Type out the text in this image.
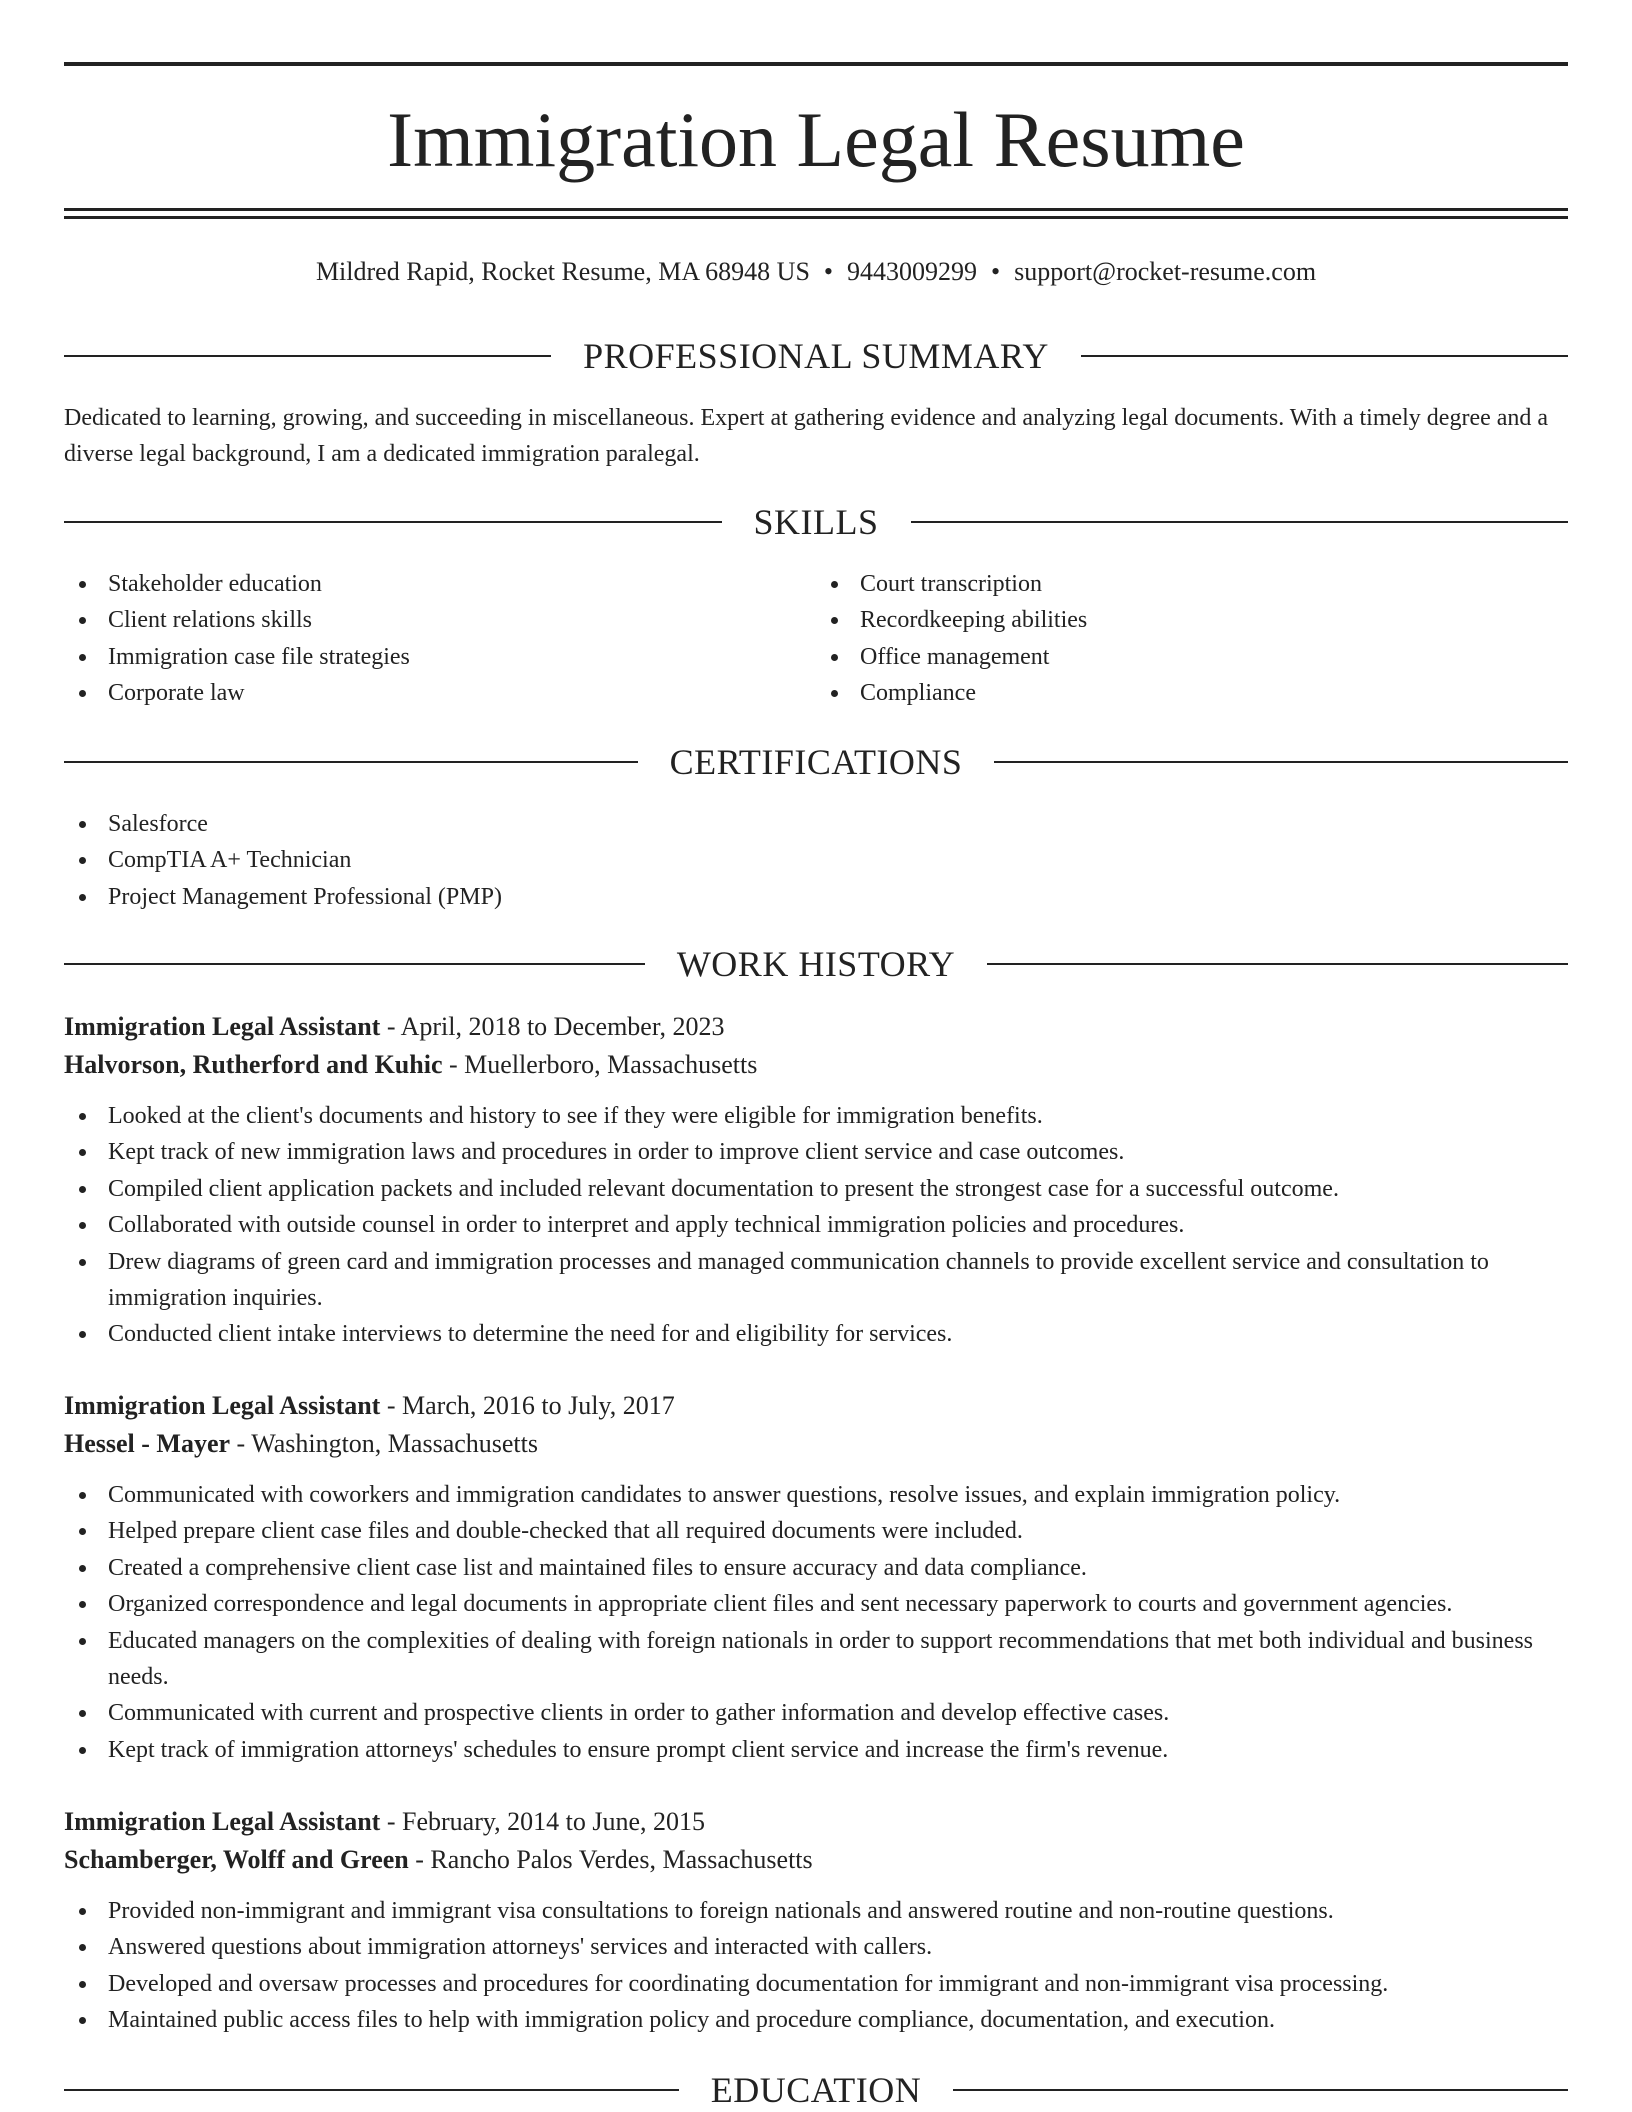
Immigration Legal Resume
Mildred Rapid, Rocket Resume, MA 68948 US • 9443009299 • support@rocket-resume.com
PROFESSIONAL SUMMARY

Dedicated to learning, growing, and succeeding in miscellaneous. Expert at gathering evidence and analyzing legal documents. With a timely degree and a diverse legal background, I am a dedicated immigration paralegal.

SKILLS
Stakeholder education
Client relations skills
Immigration case file strategies
Corporate law
Court transcription
Recordkeeping abilities
Office management
Compliance
CERTIFICATIONS
Salesforce
CompTIA A+ Technician
Project Management Professional (PMP)
WORK HISTORY
Immigration Legal Assistant - April, 2018 to December, 2023
Halvorson, Rutherford and Kuhic - Muellerboro, Massachusetts
Looked at the client's documents and history to see if they were eligible for immigration benefits.
Kept track of new immigration laws and procedures in order to improve client service and case outcomes.
Compiled client application packets and included relevant documentation to present the strongest case for a successful outcome.
Collaborated with outside counsel in order to interpret and apply technical immigration policies and procedures.
Drew diagrams of green card and immigration processes and managed communication channels to provide excellent service and consultation to immigration inquiries.
Conducted client intake interviews to determine the need for and eligibility for services.
Immigration Legal Assistant - March, 2016 to July, 2017
Hessel - Mayer - Washington, Massachusetts
Communicated with coworkers and immigration candidates to answer questions, resolve issues, and explain immigration policy.
Helped prepare client case files and double-checked that all required documents were included.
Created a comprehensive client case list and maintained files to ensure accuracy and data compliance.
Organized correspondence and legal documents in appropriate client files and sent necessary paperwork to courts and government agencies.
Educated managers on the complexities of dealing with foreign nationals in order to support recommendations that met both individual and business needs.
Communicated with current and prospective clients in order to gather information and develop effective cases.
Kept track of immigration attorneys' schedules to ensure prompt client service and increase the firm's revenue.
Immigration Legal Assistant - February, 2014 to June, 2015
Schamberger, Wolff and Green - Rancho Palos Verdes, Massachusetts
Provided non-immigrant and immigrant visa consultations to foreign nationals and answered routine and non-routine questions.
Answered questions about immigration attorneys' services and interacted with callers.
Developed and oversaw processes and procedures for coordinating documentation for immigrant and non-immigrant visa processing.
Maintained public access files to help with immigration policy and procedure compliance, documentation, and execution.
EDUCATION
